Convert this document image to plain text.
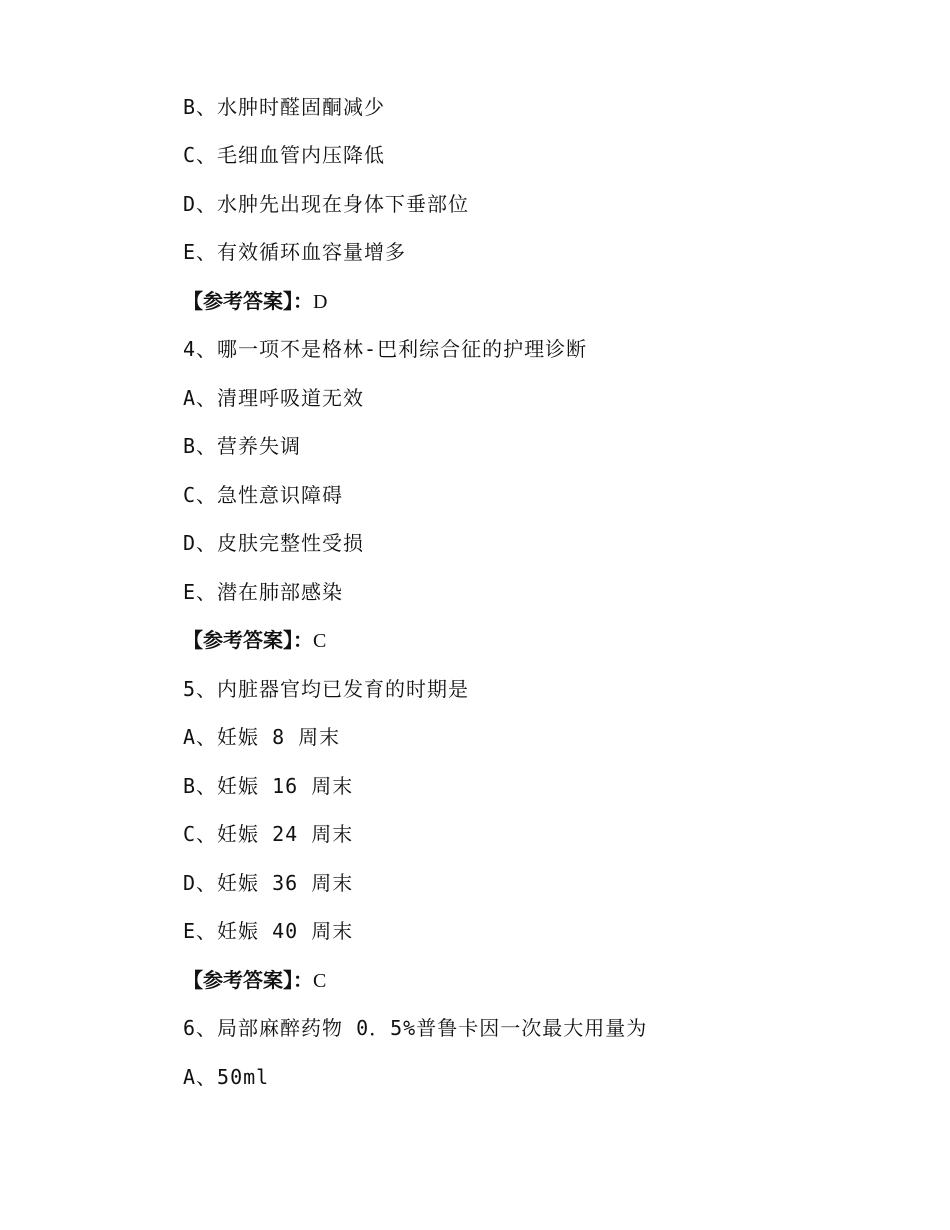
B、水肿时醛固酮减少
C、毛细血管内压降低
D、水肿先出现在身体下垂部位
E、有效循环血容量增多
【参考答案】：D
4、哪一项不是格林-巴利综合征的护理诊断
A、清理呼吸道无效
B、营养失调
C、急性意识障碍
D、皮肤完整性受损
E、潜在肺部感染
【参考答案】：C
5、内脏器官均已发育的时期是
A、妊娠 8 周末
B、妊娠 16 周末
C、妊娠 24 周末
D、妊娠 36 周末
E、妊娠 40 周末
【参考答案】：C
6、局部麻醉药物 0．5%普鲁卡因一次最大用量为
A、50ml
